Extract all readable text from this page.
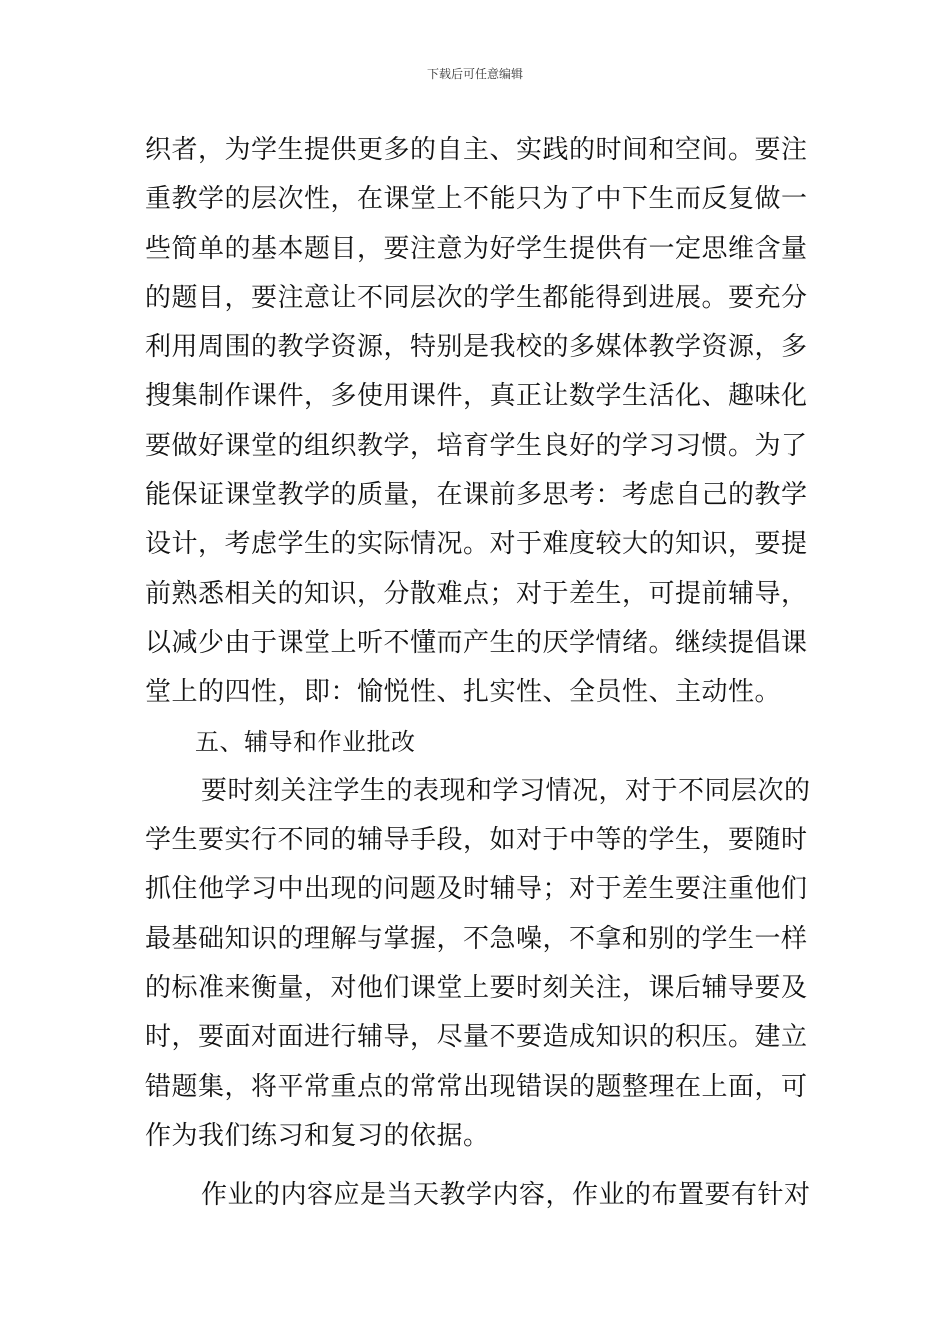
下载后可任意编辑
织者，为学生提供更多的自主、实践的时间和空间。要注
重教学的层次性，在课堂上不能只为了中下生而反复做一
些简单的基本题目，要注意为好学生提供有一定思维含量
的题目，要注意让不同层次的学生都能得到进展。要充分
利用周围的教学资源，特别是我校的多媒体教学资源，多
搜集制作课件，多使用课件，真正让数学生活化、趣味化
要做好课堂的组织教学，培育学生良好的学习习惯。为了
能保证课堂教学的质量，在课前多思考：考虑自己的教学
设计，考虑学生的实际情况。对于难度较大的知识，要提
前熟悉相关的知识，分散难点；对于差生，可提前辅导，
以减少由于课堂上听不懂而产生的厌学情绪。继续提倡课
堂上的四性，即：愉悦性、扎实性、全员性、主动性。
五、辅导和作业批改
要时刻关注学生的表现和学习情况，对于不同层次的
学生要实行不同的辅导手段，如对于中等的学生，要随时
抓住他学习中出现的问题及时辅导；对于差生要注重他们
最基础知识的理解与掌握，不急噪，不拿和别的学生一样
的标准来衡量，对他们课堂上要时刻关注，课后辅导要及
时，要面对面进行辅导，尽量不要造成知识的积压。建立
错题集，将平常重点的常常出现错误的题整理在上面，可
作为我们练习和复习的依据。
作业的内容应是当天教学内容，作业的布置要有针对
